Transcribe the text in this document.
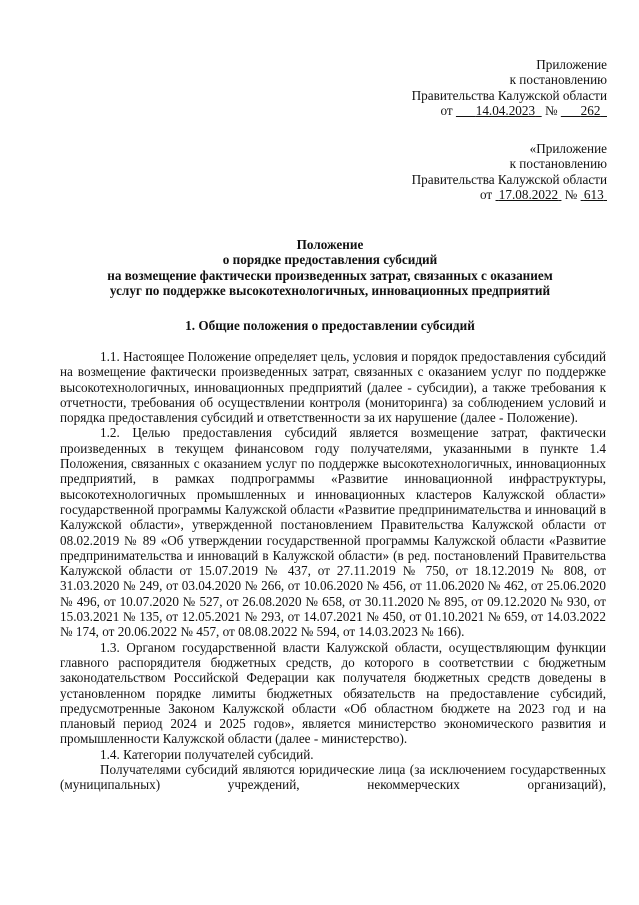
Приложение
к постановлению
Правительства Калужской области
от 14.04.2023 № 262
«Приложение
к постановлению
Правительства Калужской области
от 17.08.2022 № 613
Положение
о порядке предоставления субсидий
на возмещение фактически произведенных затрат, связанных с оказанием
услуг по поддержке высокотехнологичных, инновационных предприятий
1. Общие положения о предоставлении субсидий

1.1. Настоящее Положение определяет цель, условия и порядок предоставления субсидий на возмещение фактически произведенных затрат, связанных с оказанием услуг по поддержке высокотехнологичных, инновационных предприятий (далее - субсидии), а также требования к отчетности, требования об осуществлении контроля (мониторинга) за соблюдением условий и порядка предоставления субсидий и ответственности за их нарушение (далее - Положение).

1.2. Целью предоставления субсидий является возмещение затрат, фактически произведенных в текущем финансовом году получателями, указанными в пункте 1.4 Положения, связанных с оказанием услуг по поддержке высокотехнологичных, инновационных предприятий, в рамках подпрограммы «Развитие инновационной инфраструктуры, высокотехнологичных промышленных и инновационных кластеров Калужской области» государственной программы Калужской области «Развитие предпринимательства и инноваций в Калужской области», утвержденной постановлением Правительства Калужской области от 08.02.2019 № 89 «Об утверждении государственной программы Калужской области «Развитие предпринимательства и инноваций в Калужской области» (в ред. постановлений Правительства Калужской области от 15.07.2019 № 437, от 27.11.2019 № 750, от 18.12.2019 № 808, от 31.03.2020 № 249, от 03.04.2020 № 266, от 10.06.2020 № 456, от 11.06.2020 № 462, от 25.06.2020 № 496, от 10.07.2020 № 527, от 26.08.2020 № 658, от 30.11.2020 № 895, от 09.12.2020 № 930, от 15.03.2021 № 135, от 12.05.2021 № 293, от 14.07.2021 № 450, от 01.10.2021 № 659, от 14.03.2022 № 174, от 20.06.2022 № 457, от 08.08.2022 № 594, от 14.03.2023 № 166).

1.3. Органом государственной власти Калужской области, осуществляющим функции главного распорядителя бюджетных средств, до которого в соответствии с бюджетным законодательством Российской Федерации как получателя бюджетных средств доведены в установленном порядке лимиты бюджетных обязательств на предоставление субсидий, предусмотренные Законом Калужской области «Об областном бюджете на 2023 год и на плановый период 2024 и 2025 годов», является министерство экономического развития и промышленности Калужской области (далее - министерство).

1.4. Категории получателей субсидий.

Получателями субсидий являются юридические лица (за исключением государственных (муниципальных) учреждений, некоммерческих организаций),
